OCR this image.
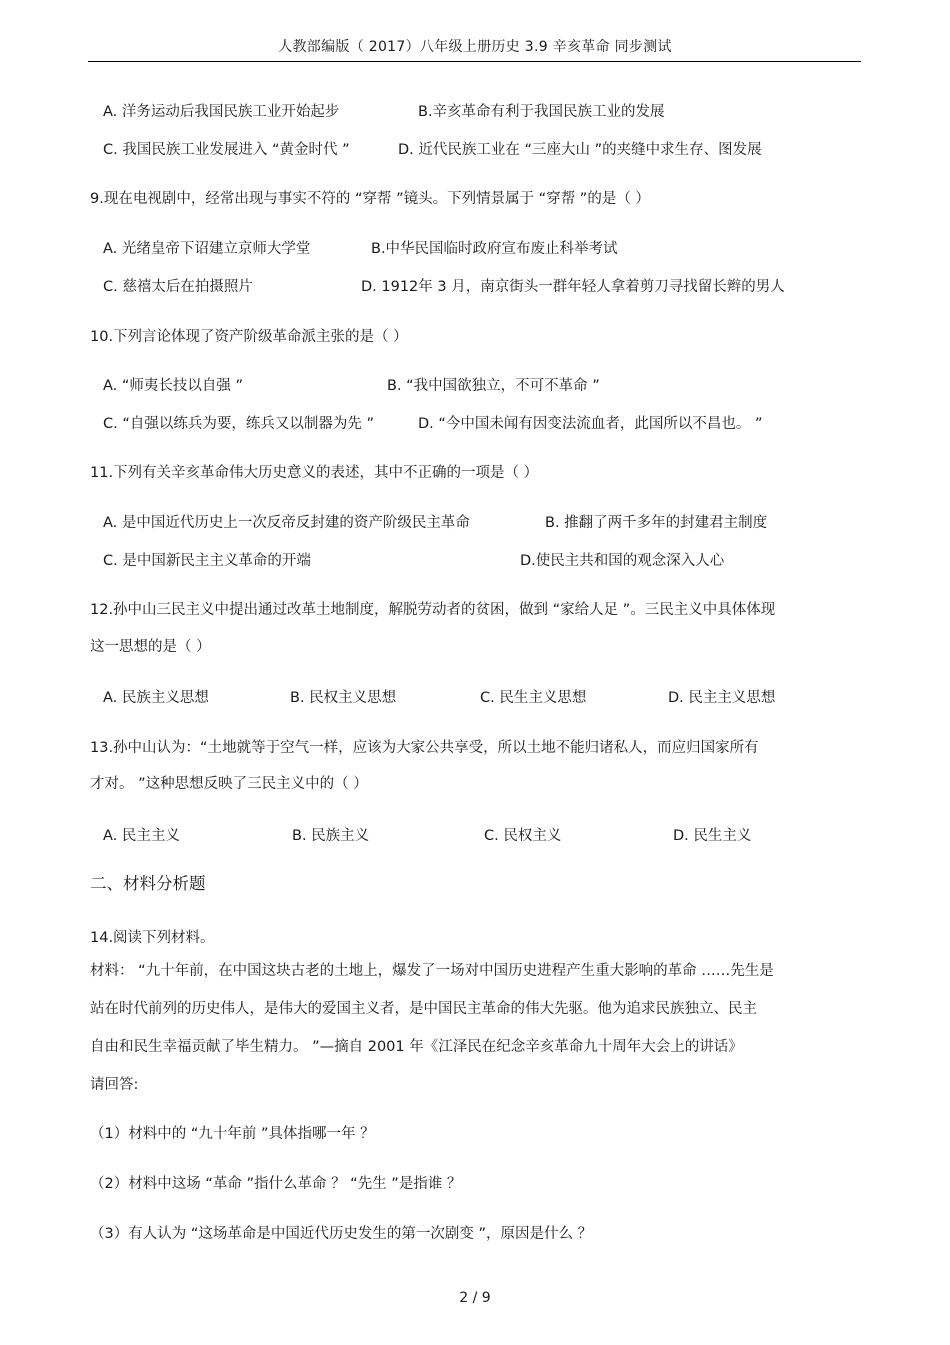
人教部编版（ 2017）八年级上册历史 3.9 辛亥革命 同步测试
A. 洋务运动后我国民族工业开始起步	B.辛亥革命有利于我国民族工业的发展
C. 我国民族工业发展进入 “黄金时代 ”	D. 近代民族工业在 “三座大山 ”的夹缝中求生存、图发展
9.现在电视剧中，经常出现与事实不符的 “穿帮 ”镜头。下列情景属于 “穿帮 ”的是（ ）
A. 光绪皇帝下诏建立京师大学堂	B.中华民国临时政府宣布废止科举考试
C. 慈禧太后在拍摄照片	D. 1912年 3 月，南京街头一群年轻人拿着剪刀寻找留长辫的男人
10.下列言论体现了资产阶级革命派主张的是（ ）
A. “师夷长技以自强 ”	B. “我中国欲独立，不可不革命 ”
C. “自强以练兵为要，练兵又以制器为先 ”	D. “今中国未闻有因变法流血者，此国所以不昌也。 ”
11.下列有关辛亥革命伟大历史意义的表述，其中不正确的一项是（ ）
A. 是中国近代历史上一次反帝反封建的资产阶级民主革命	B. 推翻了两千多年的封建君主制度
C. 是中国新民主主义革命的开端	D.使民主共和国的观念深入人心
12.孙中山三民主义中提出通过改革土地制度，解脱劳动者的贫困，做到 “家给人足 ”。三民主义中具体体现
这一思想的是（ ）
A. 民族主义思想	B. 民权主义思想	C. 民生主义思想	D. 民主主义思想
13.孙中山认为：“土地就等于空气一样，应该为大家公共享受，所以土地不能归诸私人，而应归国家所有
才对。 ”这种思想反映了三民主义中的（ ）
A. 民主主义	B. 民族主义	C. 民权主义	D. 民生主义
二、材料分析题
14.阅读下列材料。
材料： “九十年前，在中国这块古老的土地上，爆发了一场对中国历史进程产生重大影响的革命 ……先生是
站在时代前列的历史伟人，是伟大的爱国主义者，是中国民主革命的伟大先驱。他为追求民族独立、民主
自由和民生幸福贡献了毕生精力。 ”—摘自 2001 年《江泽民在纪念辛亥革命九十周年大会上的讲话》
请回答:
（1）材料中的 “九十年前 ”具体指哪一年 ？
（2）材料中这场 “革命 ”指什么革命 ？ “先生 ”是指谁 ？
（3）有人认为 “这场革命是中国近代历史发生的第一次剧变 ”，原因是什么 ？
2 / 9
